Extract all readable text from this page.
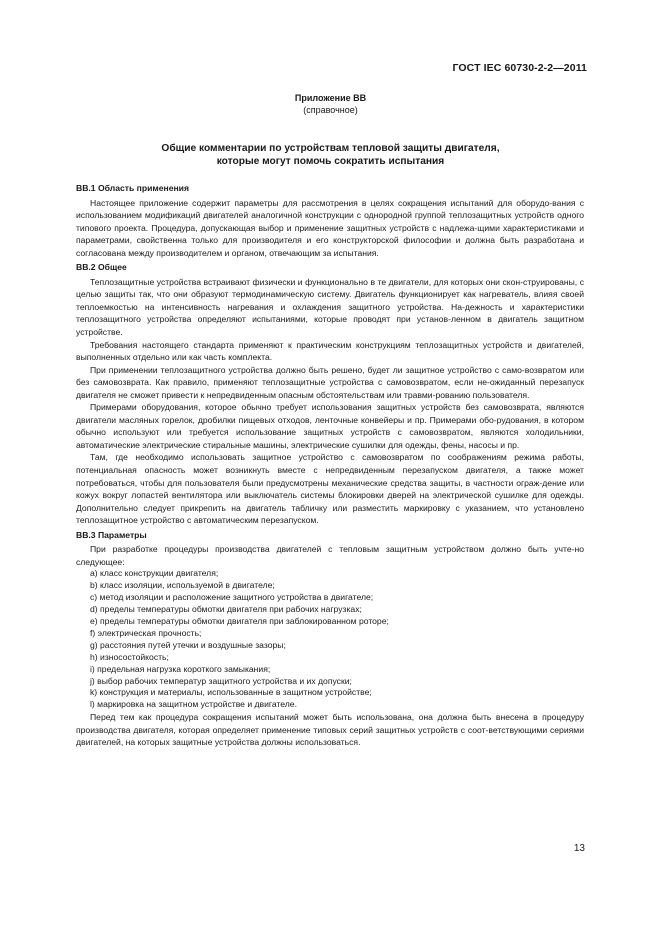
ГОСТ IEC 60730-2-2—2011
Приложение ВВ
(справочное)
Общие комментарии по устройствам тепловой защиты двигателя,
которые могут помочь сократить испытания
ВВ.1 Область применения

Настоящее приложение содержит параметры для рассмотрения в целях сокращения испытаний для оборудо-вания с использованием модификаций двигателей аналогичной конструкции с однородной группой теплозащитных устройств одного типового проекта. Процедура, допускающая выбор и применение защитных устройств с надлежа-щими характеристиками и параметрами, свойственна только для производителя и его конструкторской философии и должна быть разработана и согласована между производителем и органом, отвечающим за испытания.

ВВ.2 Общее

Теплозащитные устройства встраивают физически и функционально в те двигатели, для которых они скон-струированы, с целью защиты так, что они образуют термодинамическую систему. Двигатель функционирует как нагреватель, влияя своей теплоемкостью на интенсивность нагревания и охлаждения защитного устройства. На-дежность и характеристики теплозащитного устройства определяют испытаниями, которые проводят при установ-ленном в двигатель защитном устройстве.

Требования настоящего стандарта применяют к практическим конструкциям теплозащитных устройств и двигателей, выполненных отдельно или как часть комплекта.

При применении теплозащитного устройства должно быть решено, будет ли защитное устройство с само-возвратом или без самовозврата. Как правило, применяют теплозащитные устройства с самовозвратом, если не-ожиданный перезапуск двигателя не сможет привести к непредвиденным опасным обстоятельствам или травми-рованию пользователя.

Примерами оборудования, которое обычно требует использования защитных устройств без самовозврата, являются двигатели масляных горелок, дробилки пищевых отходов, ленточные конвейеры и пр. Примерами обо-рудования, в котором обычно используют или требуется использование защитных устройств с самовозвратом, являются холодильники, автоматические электрические стиральные машины, электрические сушилки для одежды, фены, насосы и пр.

Там, где необходимо использовать защитное устройство с самовозвратом по соображениям режима работы, потенциальная опасность может возникнуть вместе с непредвиденным перезапуском двигателя, а также может потребоваться, чтобы для пользователя были предусмотрены механические средства защиты, в частности ограж-дение или кожух вокруг лопастей вентилятора или выключатель системы блокировки дверей на электрической сушилке для одежды. Дополнительно следует прикрепить на двигатель табличку или разместить маркировку с указанием, что установлено теплозащитное устройство с автоматическим перезапуском.

ВВ.3 Параметры

При разработке процедуры производства двигателей с тепловым защитным устройством должно быть учте-но следующее:

a) класс конструкции двигателя;
b) класс изоляции, используемой в двигателе;
c) метод изоляции и расположение защитного устройства в двигателе;
d) пределы температуры обмотки двигателя при рабочих нагрузках;
e) пределы температуры обмотки двигателя при заблокированном роторе;
f) электрическая прочность;
g) расстояния путей утечки и воздушные зазоры;
h) износостойкость;
i) предельная нагрузка короткого замыкания;
j) выбор рабочих температур защитного устройства и их допуски;
k) конструкция и материалы, использованные в защитном устройстве;
l) маркировка на защитном устройстве и двигателе.

Перед тем как процедура сокращения испытаний может быть использована, она должна быть внесена в процедуру производства двигателя, которая определяет применение типовых серий защитных устройств с соот-ветствующими сериями двигателей, на которых защитные устройства должны использоваться.

13
